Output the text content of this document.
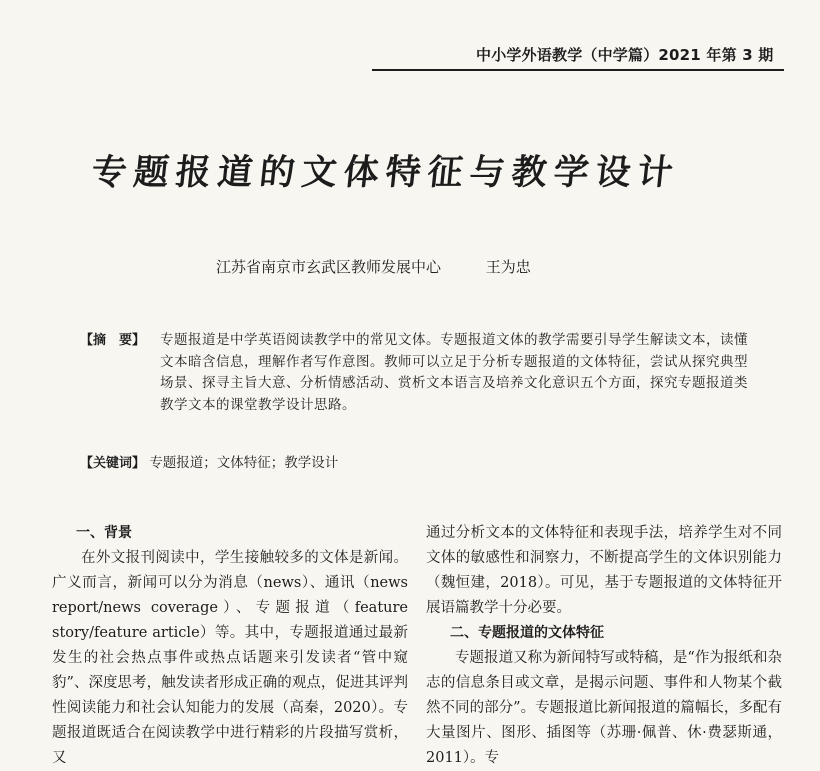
中小学外语教学（中学篇）2021 年第 3 期
专题报道的文体特征与教学设计
江苏省南京市玄武区教师发展中心	王为忠
【摘　要】 专题报道是中学英语阅读教学中的常见文体。专题报道文体的教学需要引导学生解读文本，读懂文本暗含信息，理解作者写作意图。教师可以立足于分析专题报道的文体特征，尝试从探究典型场景、探寻主旨大意、分析情感活动、赏析文本语言及培养文化意识五个方面，探究专题报道类教学文本的课堂教学设计思路。
【关键词】 专题报道；文体特征；教学设计
一、背景

在外文报刊阅读中，学生接触较多的文体是新闻。广义而言，新闻可以分为消息（news）、通讯（news report/news coverage）、专题报道（feature story/feature article）等。其中，专题报道通过最新发生的社会热点事件或热点话题来引发读者“管中窥豹”、深度思考，触发读者形成正确的观点，促进其评判性阅读能力和社会认知能力的发展（高秦，2020）。专题报道既适合在阅读教学中进行精彩的片段描写赏析，又

通过分析文本的文体特征和表现手法，培养学生对不同文体的敏感性和洞察力，不断提高学生的文体识别能力（魏恒建，2018）。可见，基于专题报道的文体特征开展语篇教学十分必要。

二、专题报道的文体特征

专题报道又称为新闻特写或特稿，是“作为报纸和杂志的信息条目或文章，是揭示问题、事件和人物某个截然不同的部分”。专题报道比新闻报道的篇幅长，多配有大量图片、图形、插图等（苏珊·佩普、休·费瑟斯通，2011）。专
